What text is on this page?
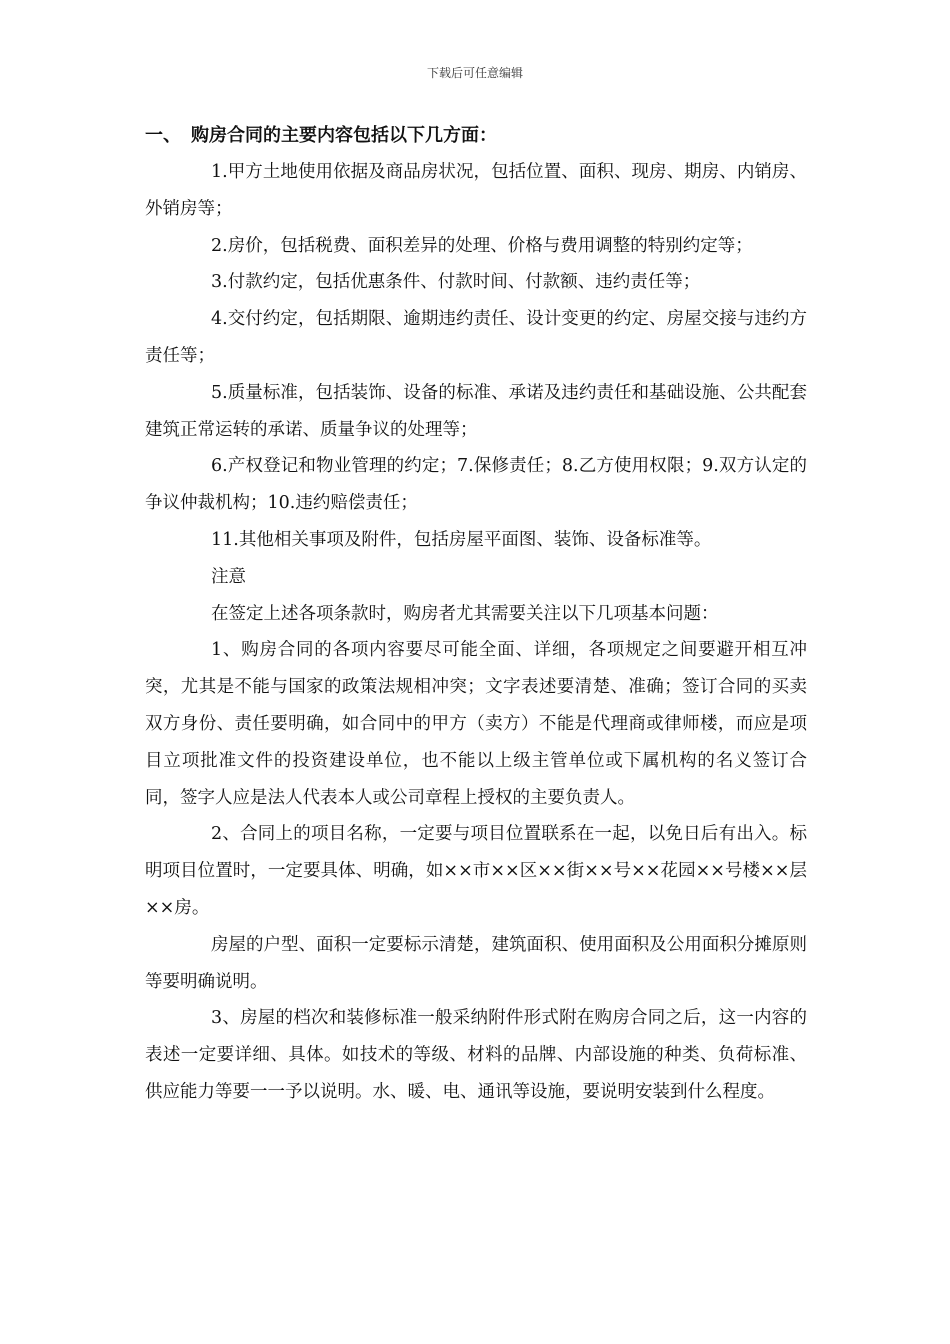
下载后可任意编辑
一、 购房合同的主要内容包括以下几方面：

1.甲方土地使用依据及商品房状况，包括位置、面积、现房、期房、内销房、外销房等；

2.房价，包括税费、面积差异的处理、价格与费用调整的特别约定等；

3.付款约定，包括优惠条件、付款时间、付款额、违约责任等；

4.交付约定，包括期限、逾期违约责任、设计变更的约定、房屋交接与违约方责任等；

5.质量标准，包括装饰、设备的标准、承诺及违约责任和基础设施、公共配套建筑正常运转的承诺、质量争议的处理等；

6.产权登记和物业管理的约定；7.保修责任；8.乙方使用权限；9.双方认定的争议仲裁机构；10.违约赔偿责任；

11.其他相关事项及附件，包括房屋平面图、装饰、设备标准等。

注意

在签定上述各项条款时，购房者尤其需要关注以下几项基本问题：

1、购房合同的各项内容要尽可能全面、详细，各项规定之间要避开相互冲突，尤其是不能与国家的政策法规相冲突；文字表述要清楚、准确；签订合同的买卖双方身份、责任要明确，如合同中的甲方（卖方）不能是代理商或律师楼，而应是项目立项批准文件的投资建设单位，也不能以上级主管单位或下属机构的名义签订合同，签字人应是法人代表本人或公司章程上授权的主要负责人。

2、合同上的项目名称，一定要与项目位置联系在一起，以免日后有出入。标明项目位置时，一定要具体、明确，如××市××区××街××号××花园××号楼××层××房。

房屋的户型、面积一定要标示清楚，建筑面积、使用面积及公用面积分摊原则等要明确说明。

3、房屋的档次和装修标准一般采纳附件形式附在购房合同之后，这一内容的表述一定要详细、具体。如技术的等级、材料的品牌、内部设施的种类、负荷标准、供应能力等要一一予以说明。水、暖、电、通讯等设施，要说明安装到什么程度。
